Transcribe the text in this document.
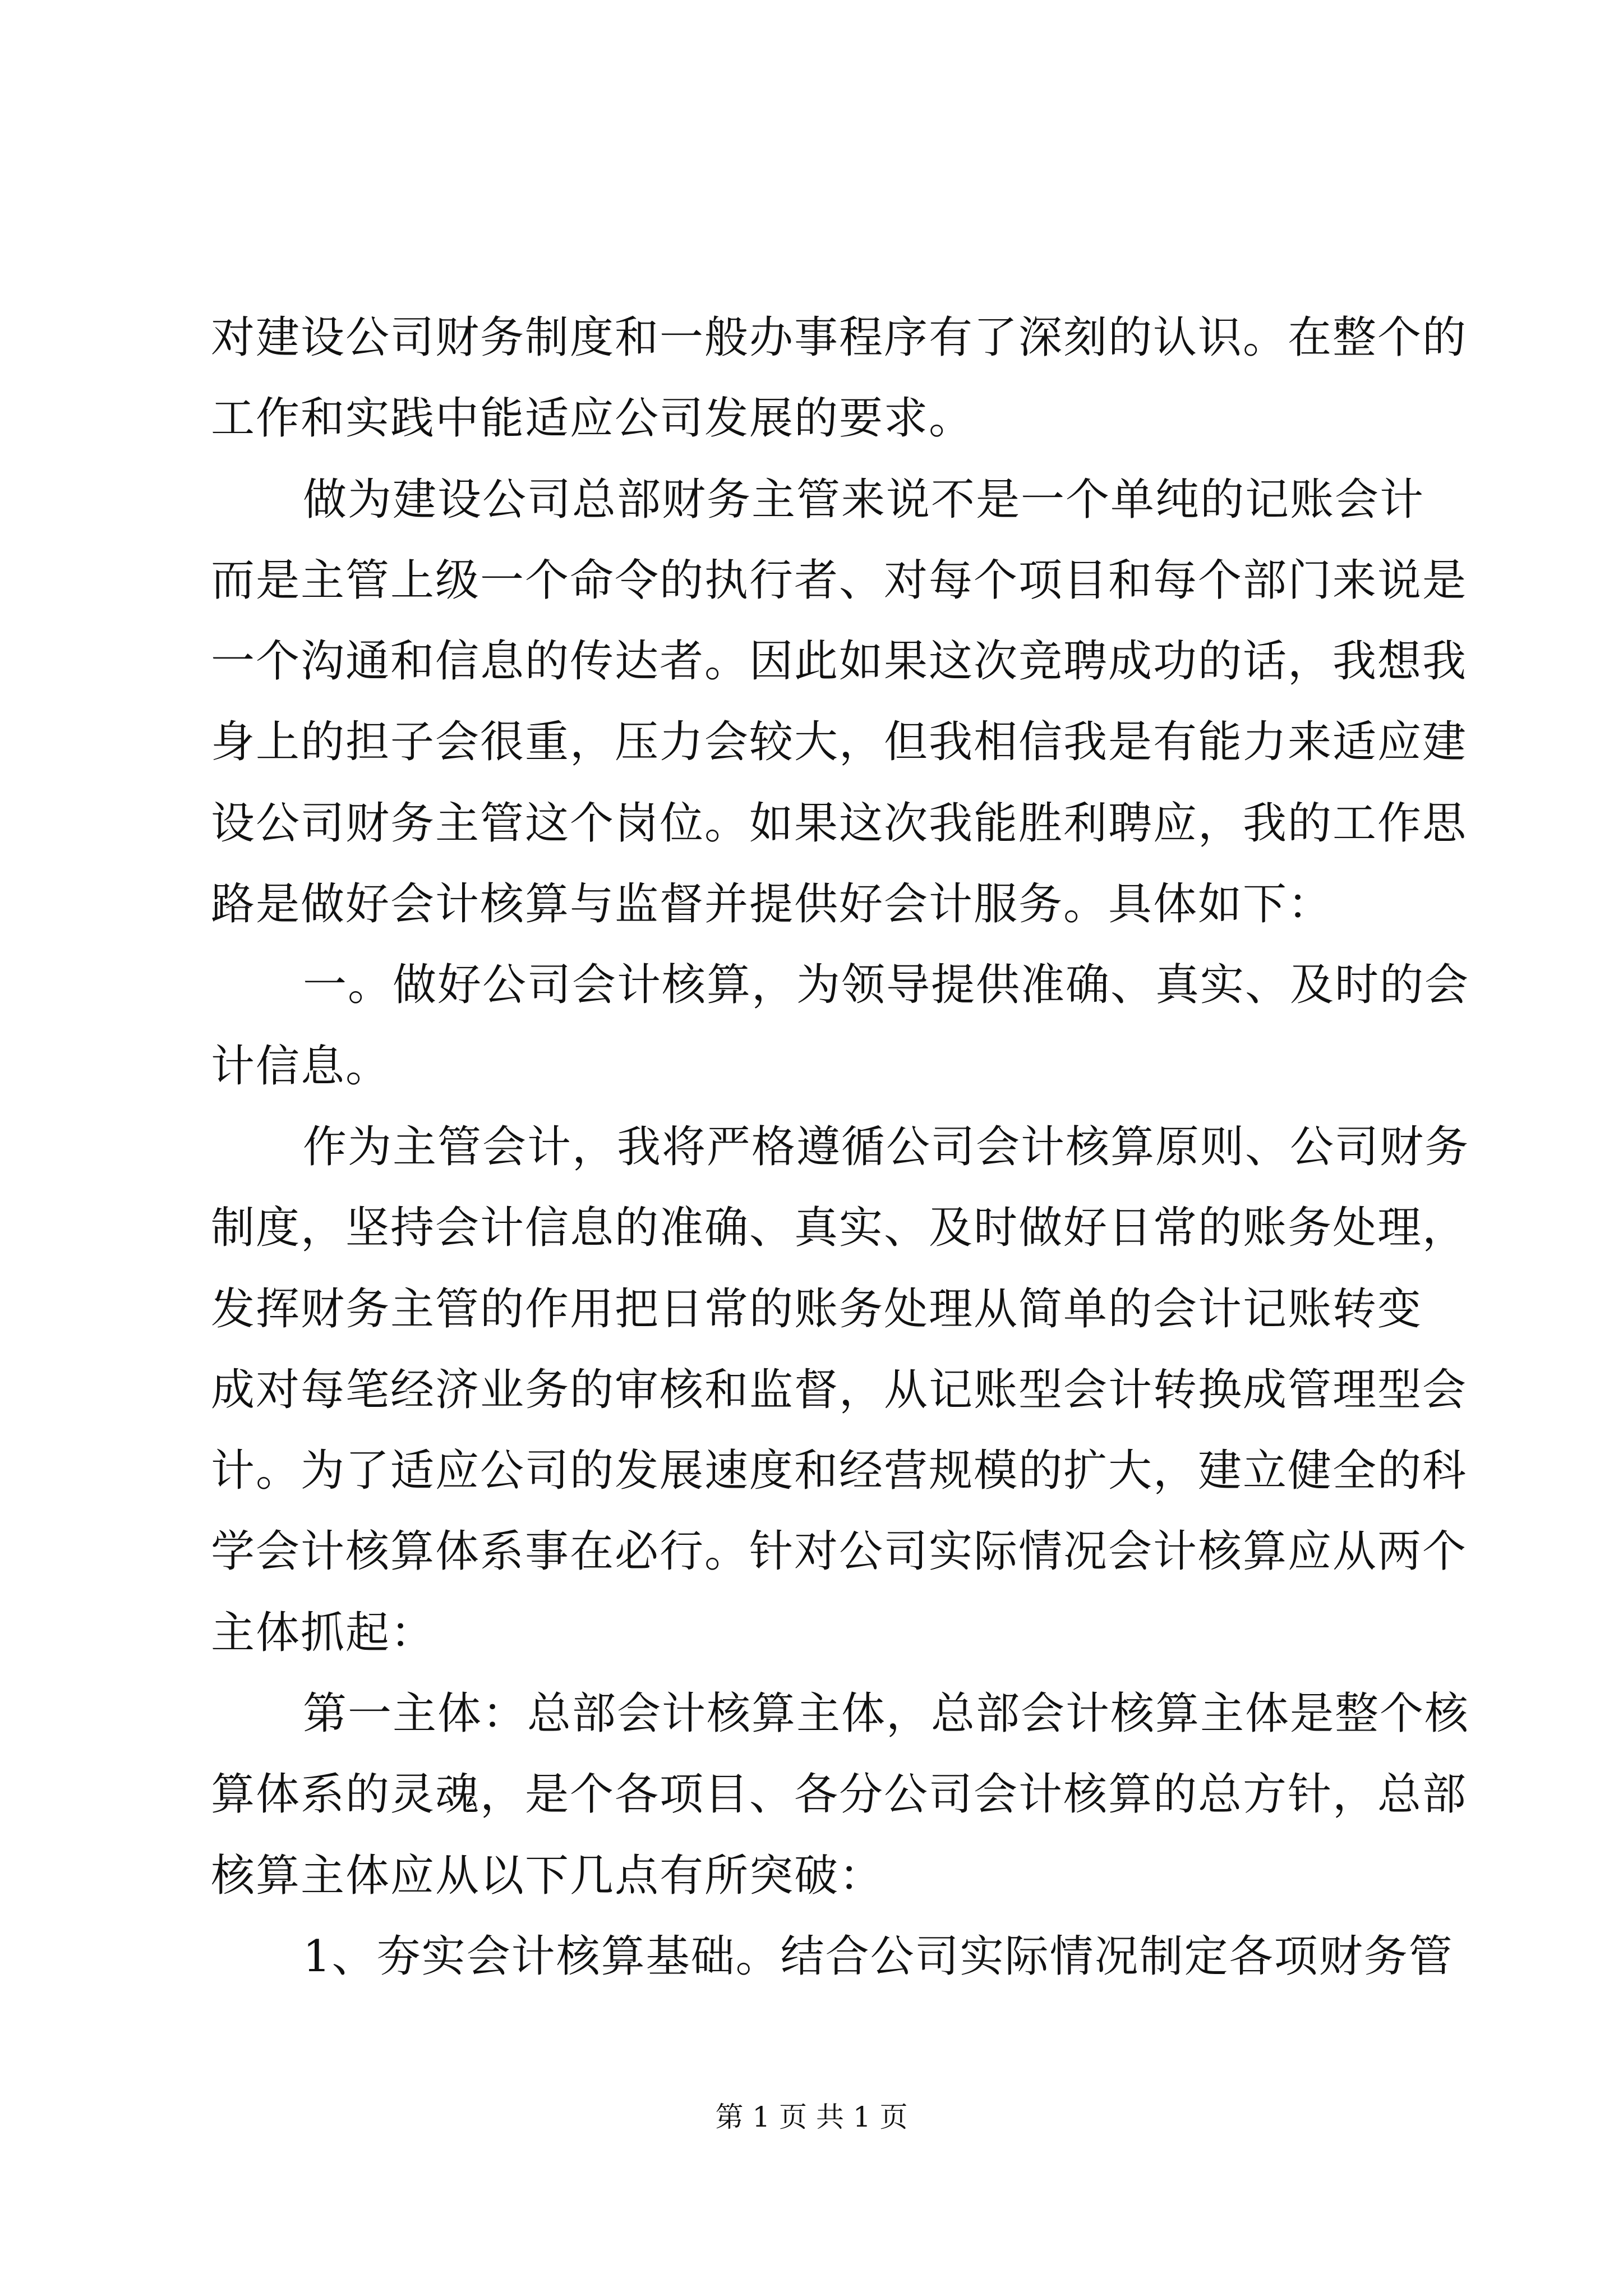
对建设公司财务制度和一般办事程序有了深刻的认识。在整个的
工作和实践中能适应公司发展的要求。
做为建设公司总部财务主管来说不是一个单纯的记账会计
而是主管上级一个命令的执行者、对每个项目和每个部门来说是
一个沟通和信息的传达者。因此如果这次竞聘成功的话，我想我
身上的担子会很重，压力会较大，但我相信我是有能力来适应建
设公司财务主管这个岗位。如果这次我能胜利聘应，我的工作思
路是做好会计核算与监督并提供好会计服务。具体如下：
一。做好公司会计核算，为领导提供准确、真实、及时的会
计信息。
作为主管会计，我将严格遵循公司会计核算原则、公司财务
制度，坚持会计信息的准确、真实、及时做好日常的账务处理，
发挥财务主管的作用把日常的账务处理从简单的会计记账转变
成对每笔经济业务的审核和监督，从记账型会计转换成管理型会
计。为了适应公司的发展速度和经营规模的扩大，建立健全的科
学会计核算体系事在必行。针对公司实际情况会计核算应从两个
主体抓起：
第一主体：总部会计核算主体，总部会计核算主体是整个核
算体系的灵魂，是个各项目、各分公司会计核算的总方针，总部
核算主体应从以下几点有所突破：
1、夯实会计核算基础。结合公司实际情况制定各项财务管
第 1 页 共 1 页
